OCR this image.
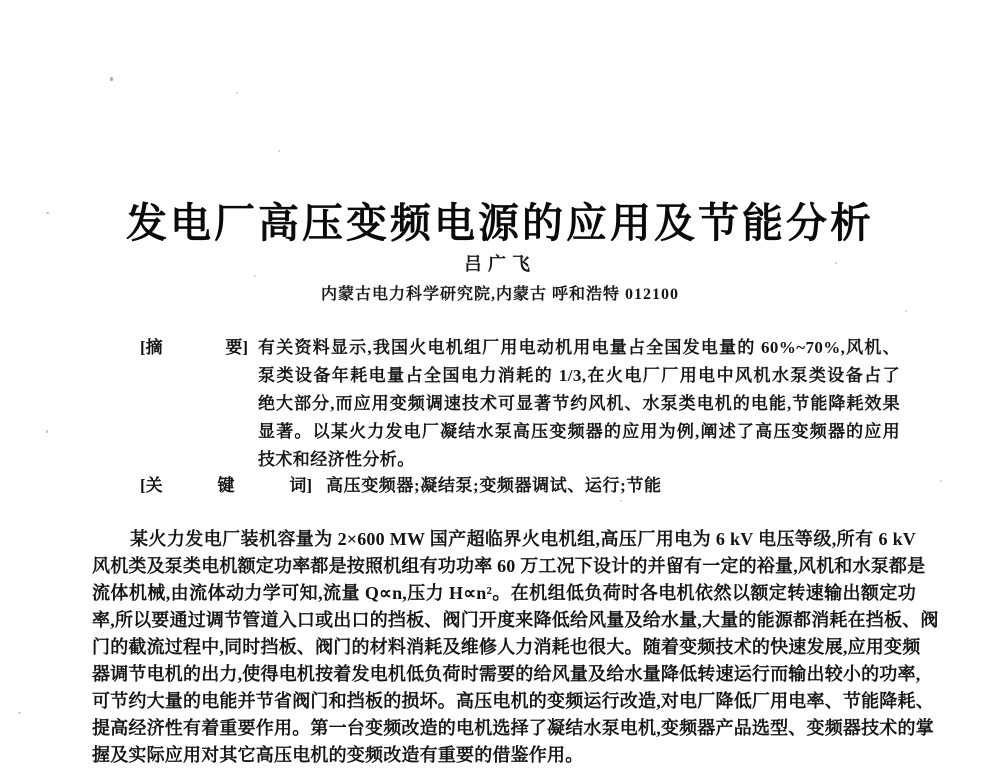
发电厂高压变频电源的应用及节能分析
吕广飞
内蒙古电力科学研究院,内蒙古 呼和浩特 012100
[摘	要] 有关资料显示,我国火电机组厂用电动机用电量占全国发电量的 60%~70%,风机、
泵类设备年耗电量占全国电力消耗的 1/3,在火电厂厂用电中风机水泵类设备占了
绝大部分,而应用变频调速技术可显著节约风机、水泵类电机的电能,节能降耗效果
显著。以某火力发电厂凝结水泵高压变频器的应用为例,阐述了高压变频器的应用
技术和经济性分析。
[关	键	词] 高压变频器;凝结泵;变频器调试、运行;节能
某火力发电厂装机容量为 2×600 MW 国产超临界火电机组,高压厂用电为 6 kV 电压等级,所有 6 kV
风机类及泵类电机额定功率都是按照机组有功功率 60 万工况下设计的并留有一定的裕量,风机和水泵都是
流体机械,由流体动力学可知,流量 Q∝n,压力 H∝n²。在机组低负荷时各电机依然以额定转速输出额定功
率,所以要通过调节管道入口或出口的挡板、阀门开度来降低给风量及给水量,大量的能源都消耗在挡板、阀
门的截流过程中,同时挡板、阀门的材料消耗及维修人力消耗也很大。随着变频技术的快速发展,应用变频
器调节电机的出力,使得电机按着发电机低负荷时需要的给风量及给水量降低转速运行而输出较小的功率,
可节约大量的电能并节省阀门和挡板的损坏。高压电机的变频运行改造,对电厂降低厂用电率、节能降耗、
提高经济性有着重要作用。第一台变频改造的电机选择了凝结水泵电机,变频器产品选型、变频器技术的掌
握及实际应用对其它高压电机的变频改造有重要的借鉴作用。
